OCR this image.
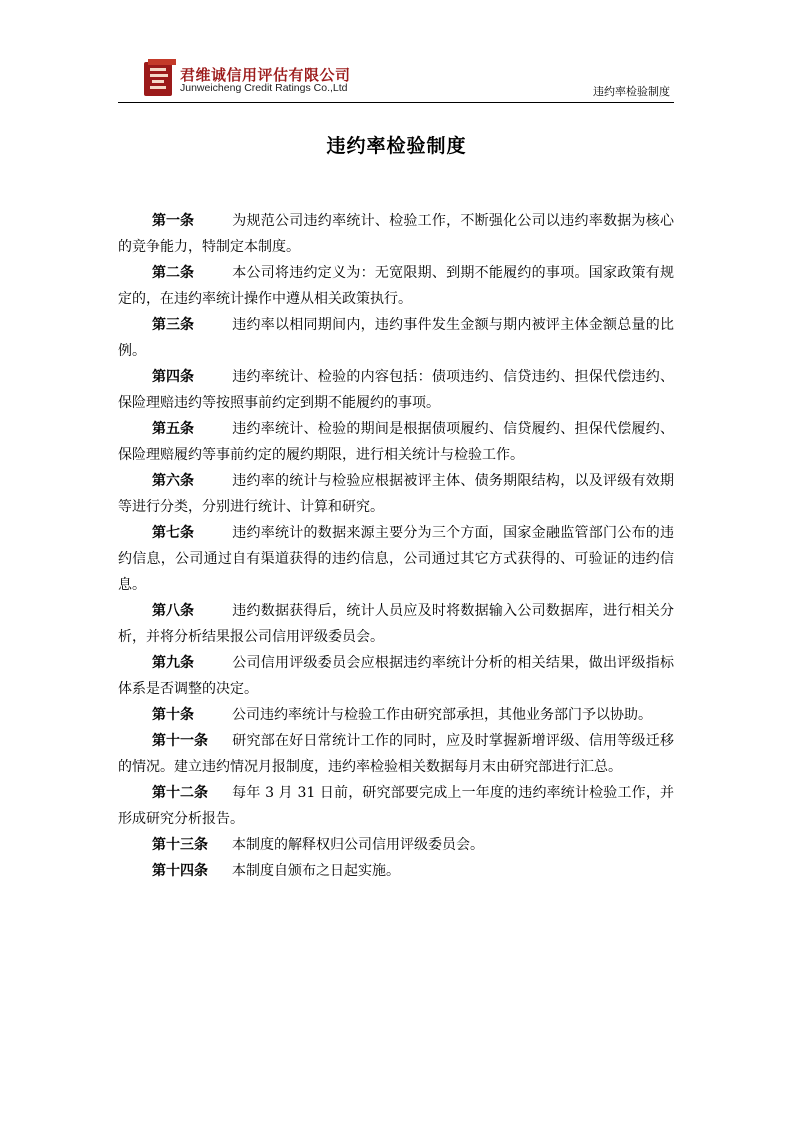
君维诚信用评估有限公司
Junweicheng Credit Ratings Co.,Ltd	违约率检验制度
违约率检验制度

第一条	为规范公司违约率统计、检验工作，不断强化公司以违约率数据为核心的竞争能力，特制定本制度。

第二条	本公司将违约定义为：无宽限期、到期不能履约的事项。国家政策有规定的，在违约率统计操作中遵从相关政策执行。

第三条	违约率以相同期间内，违约事件发生金额与期内被评主体金额总量的比例。

第四条	违约率统计、检验的内容包括：债项违约、信贷违约、担保代偿违约、保险理赔违约等按照事前约定到期不能履约的事项。

第五条	违约率统计、检验的期间是根据债项履约、信贷履约、担保代偿履约、保险理赔履约等事前约定的履约期限，进行相关统计与检验工作。

第六条	违约率的统计与检验应根据被评主体、债务期限结构，以及评级有效期等进行分类，分别进行统计、计算和研究。

第七条	违约率统计的数据来源主要分为三个方面，国家金融监管部门公布的违约信息，公司通过自有渠道获得的违约信息，公司通过其它方式获得的、可验证的违约信息。

第八条	违约数据获得后，统计人员应及时将数据输入公司数据库，进行相关分析，并将分析结果报公司信用评级委员会。

第九条	公司信用评级委员会应根据违约率统计分析的相关结果，做出评级指标体系是否调整的决定。

第十条	公司违约率统计与检验工作由研究部承担，其他业务部门予以协助。

第十一条 研究部在好日常统计工作的同时，应及时掌握新增评级、信用等级迁移的情况。建立违约情况月报制度，违约率检验相关数据每月末由研究部进行汇总。

第十二条 每年 3 月 31 日前，研究部要完成上一年度的违约率统计检验工作，并形成研究分析报告。

第十三条 本制度的解释权归公司信用评级委员会。

第十四条 本制度自颁布之日起实施。
